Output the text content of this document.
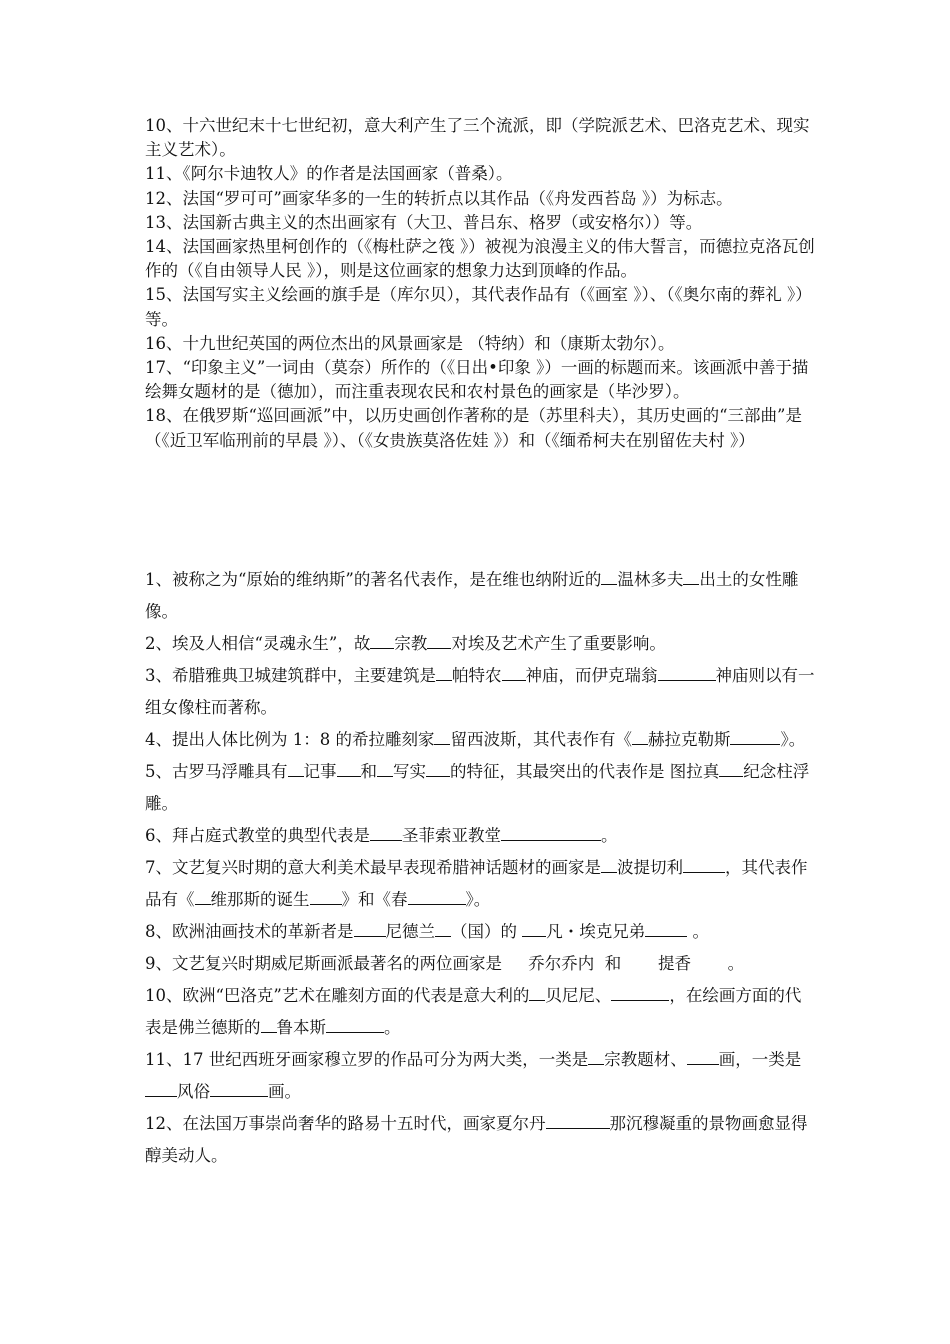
10、十六世纪末十七世纪初，意大利产生了三个流派，即（学院派艺术、巴洛克艺术、现实主义艺术）。

11、《阿尔卡迪牧人》的作者是法国画家（普桑）。

12、法国“罗可可”画家华多的一生的转折点以其作品（《舟发西苔岛 》）为标志。

13、法国新古典主义的杰出画家有（大卫、普吕东、格罗（或安格尔））等。

14、法国画家热里柯创作的（《梅杜萨之筏 》）被视为浪漫主义的伟大誓言，而德拉克洛瓦创作的（《自由领导人民 》），则是这位画家的想象力达到顶峰的作品。

15、法国写实主义绘画的旗手是（库尔贝），其代表作品有（《画室 》）、（《奥尔南的葬礼 》）等。

16、十九世纪英国的两位杰出的风景画家是 （特纳）和（康斯太勃尔）。

17、“印象主义”一词由（莫奈）所作的（《日出•印象 》）一画的标题而来。该画派中善于描绘舞女题材的是（德加），而注重表现农民和农村景色的画家是（毕沙罗）。

18、在俄罗斯“巡回画派”中，以历史画创作著称的是（苏里科夫），其历史画的“三部曲”是（《近卫军临刑前的早晨 》）、（《女贵族莫洛佐娃 》）和（《缅希柯夫在别留佐夫村 》）

1、被称之为“原始的维纳斯”的著名代表作，是在维也纳附近的 温林多夫 出土的女性雕像。

2、埃及人相信“灵魂永生”，故 宗教 对埃及艺术产生了重要影响。

3、希腊雅典卫城建筑群中，主要建筑是 帕特农 神庙，而伊克瑞翁	神庙则以有一组女像柱而著称。

4、提出人体比例为 1：8 的希拉雕刻家 留西波斯，其代表作有《 赫拉克勒斯	》。

5、古罗马浮雕具有 记事 和 写实 的特征，其最突出的代表作是 图拉真 纪念柱浮雕。

6、拜占庭式教堂的典型代表是 圣菲索亚教堂	。

7、文艺复兴时期的意大利美术最早表现希腊神话题材的画家是 波提切利	，其代表作品有《 维那斯的诞生 》和《春	》。

8、欧洲油画技术的革新者是 尼德兰 （国）的 凡・埃克兄弟	。

9、文艺复兴时期威尼斯画派最著名的两位画家是 乔尔乔内 和 提香 。

10、欧洲“巴洛克”艺术在雕刻方面的代表是意大利的 贝尼尼、	，在绘画方面的代表是佛兰德斯的 鲁本斯	。

11、17 世纪西班牙画家穆立罗的作品可分为两大类，一类是 宗教题材、 画，一类是风俗	画。

12、在法国万事崇尚奢华的路易十五时代，画家夏尔丹	那沉穆凝重的景物画愈显得醇美动人。
